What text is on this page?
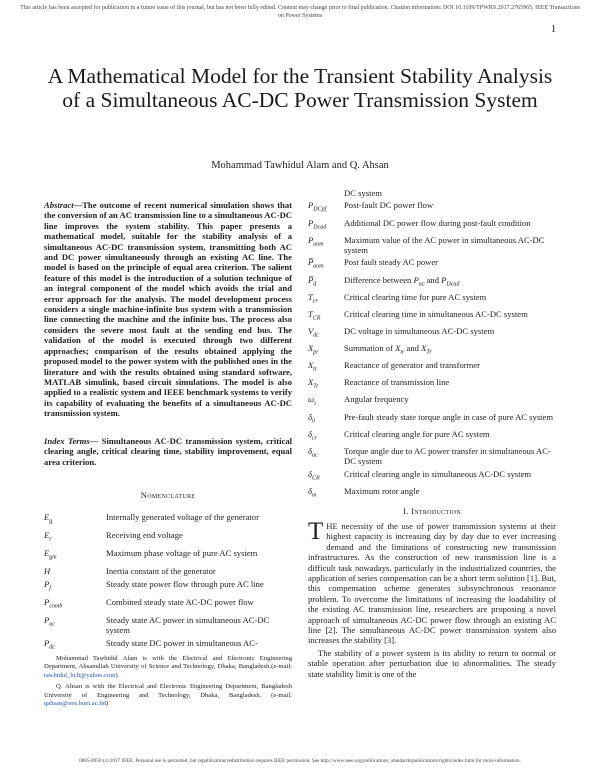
This article has been accepted for publication in a future issue of this journal, but has not been fully edited. Content may change prior to final publication. Citation information: DOI 10.1109/TPWRS.2017.2765965, IEEE Transactions on Power Systems
1
A Mathematical Model for the Transient Stability Analysis of a Simultaneous AC-DC Power Transmission System
Mohammad Tawhidul Alam and Q. Ahsan
Abstract—The outcome of recent numerical simulation shows that the conversion of an AC transmission line to a simultaneous AC-DC line improves the system stability. This paper presents a mathematical model, suitable for the stability analysis of a simultaneous AC-DC transmission system, transmitting both AC and DC power simultaneously through an existing AC line. The model is based on the principle of equal area criterion. The salient feature of this model is the introduction of a solution technique of an integral component of the model which avoids the trial and error approach for the analysis. The model development process considers a single machine-infinite bus system with a transmission line connecting the machine and the infinite bus. The process also considers the severe most fault at the sending end bus. The validation of the model is executed through two different approaches; comparison of the results obtained applying the proposed model to the power system with the published ones in the literature and with the results obtained using standard software, MATLAB simulink, based circuit simulations. The model is also applied to a realistic system and IEEE benchmark systems to verify its capability of evaluating the benefits of a simultaneous AC-DC transmission system.
Index Terms— Simultaneous AC-DC transmission system, critical clearing angle, critical clearing time, stability improvement, equal area criterion.
Nomenclature
$E_g$	Internally generated voltage of the generator
$E_r$	Receiving end voltage
$E_{gm}$	Maximum phase voltage of pure AC system
H	Inertia constant of the generator
$P_f$	Steady state power flow through pure AC line
$P_{comb}$	Combined steady state AC-DC power flow
$P_{ac}$	Steady state AC power in simultaneous AC-DC system
$P_{dc}$	Steady state DC power in simultaneous AC-
DC system
$P_{DCpf}$	Post-fault DC power flow
$P_{Dcad}$	Additional DC power flow during post-fault condition
$P_{aom}$	Maximum value of the AC power in simultaneous AC-DC system
$P̅_{aom}$	Post fault steady AC power
$P̅_d$	Difference between $P_{ac}$ and $P_{Dcad}$
$T_{cr}$	Critical clearing time for pure AC system
$T_{CR}$	Critical clearing time in simultaneous AC-DC system
$V_{dc}$	DC voltage in simultaneous AC-DC system
$X_{pr}$	Summation of $X_{tr}$ and $X_{Tr}$
$X_{tr}$	Reactance of generator and transformer
$X_{Tr}$	Reactance of transmission line
$\omega_s$	Angular frequency
$\delta_0$	Pre-fault steady state torque angle in case of pure AC system
$\delta_{cr}$	Critical clearing angle for pure AC system
$\delta_{ac}$	Torque angle due to AC power transfer in simultaneous AC-DC system
$\delta_{CR}$	Critical clearing angle in simultaneous AC-DC system
$\delta_m$	Maximum rotor angle

Mohammad Tawhidul Alam is with the Electrical and Electronic Engineering Department, Ahsanullah University of Science and Technology, Dhaka, Bangladesh.(e-mail: tawhidul_bclt@yahoo.com)

Q. Ahsan is with the Electrical and Electronic Engineering Department, Bangladesh University of Engineering and Technology, Dhaka, Bangladesh. (e-mail: qahsan@eee.buet.ac.bd)

I. Introduction

THE necessity of the use of power transmission systems at their highest capacity is increasing day by day due to ever increasing demand and the limitations of constructing new transmission infrastructures. As the construction of new transmission line is a difficult task nowadays, particularly in the industrialized countries, the application of series compensation can be a short term solution [1]. But, this compensation scheme generates subsynchronous resonance problem. To overcome the limitations of increasing the loadability of the existing AC transmission line, researchers are proposing a novel approach of simultaneous AC-DC power flow through an existing AC line [2]. The simultaneous AC-DC power transmission system also increases the stability [3].

The stability of a power system is its ability to return to normal or stable operation after perturbation due to abnormalities. The steady state stability limit is one of the

0885-8950 (c) 2017 IEEE. Personal use is permitted, but republication/redistribution requires IEEE permission. See http://www.ieee.org/publications_standards/publications/rights/index.html for more information.
